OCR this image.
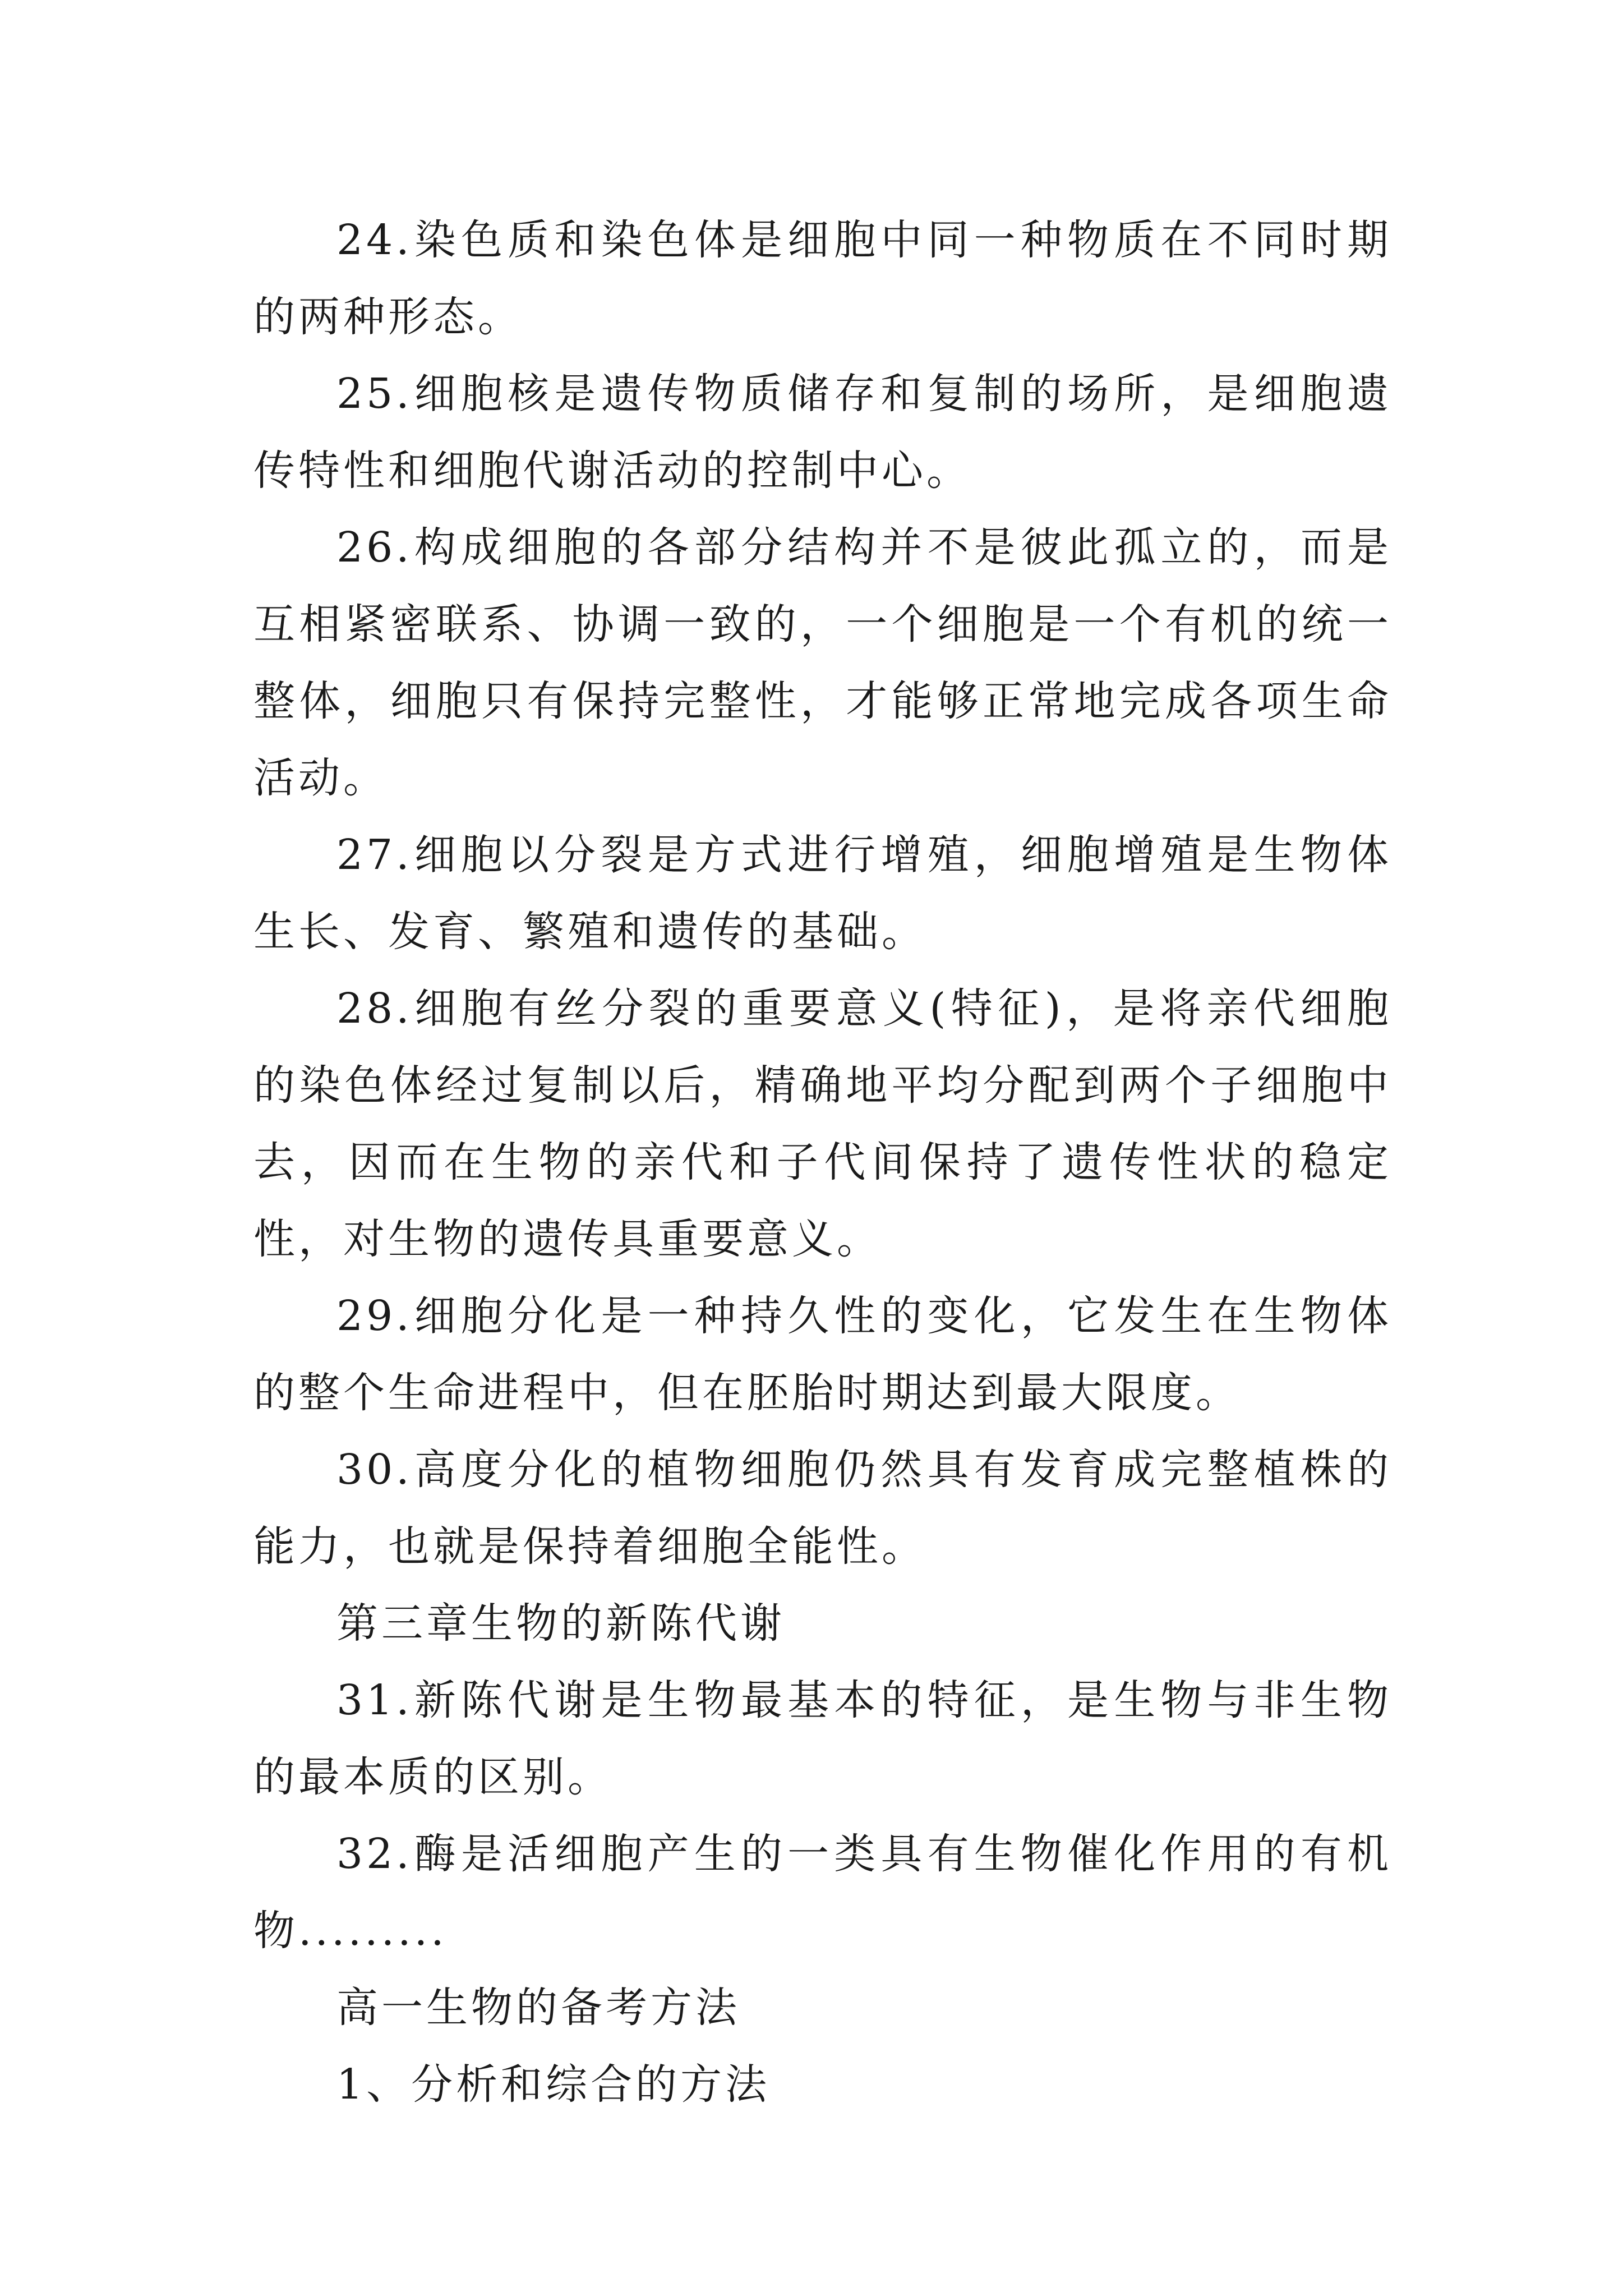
24.染色质和染色体是细胞中同一种物质在不同时期的两种形态。

25.细胞核是遗传物质储存和复制的场所，是细胞遗传特性和细胞代谢活动的控制中心。

26.构成细胞的各部分结构并不是彼此孤立的，而是互相紧密联系、协调一致的，一个细胞是一个有机的统一整体，细胞只有保持完整性，才能够正常地完成各项生命活动。

27.细胞以分裂是方式进行增殖，细胞增殖是生物体生长、发育、繁殖和遗传的基础。

28.细胞有丝分裂的重要意义(特征)，是将亲代细胞的染色体经过复制以后，精确地平均分配到两个子细胞中去，因而在生物的亲代和子代间保持了遗传性状的稳定性，对生物的遗传具重要意义。

29.细胞分化是一种持久性的变化，它发生在生物体的整个生命进程中，但在胚胎时期达到最大限度。

30.高度分化的植物细胞仍然具有发育成完整植株的能力，也就是保持着细胞全能性。

第三章生物的新陈代谢

31.新陈代谢是生物最基本的特征，是生物与非生物的最本质的区别。

32.酶是活细胞产生的一类具有生物催化作用的有机物.........

高一生物的备考方法

1、分析和综合的方法
